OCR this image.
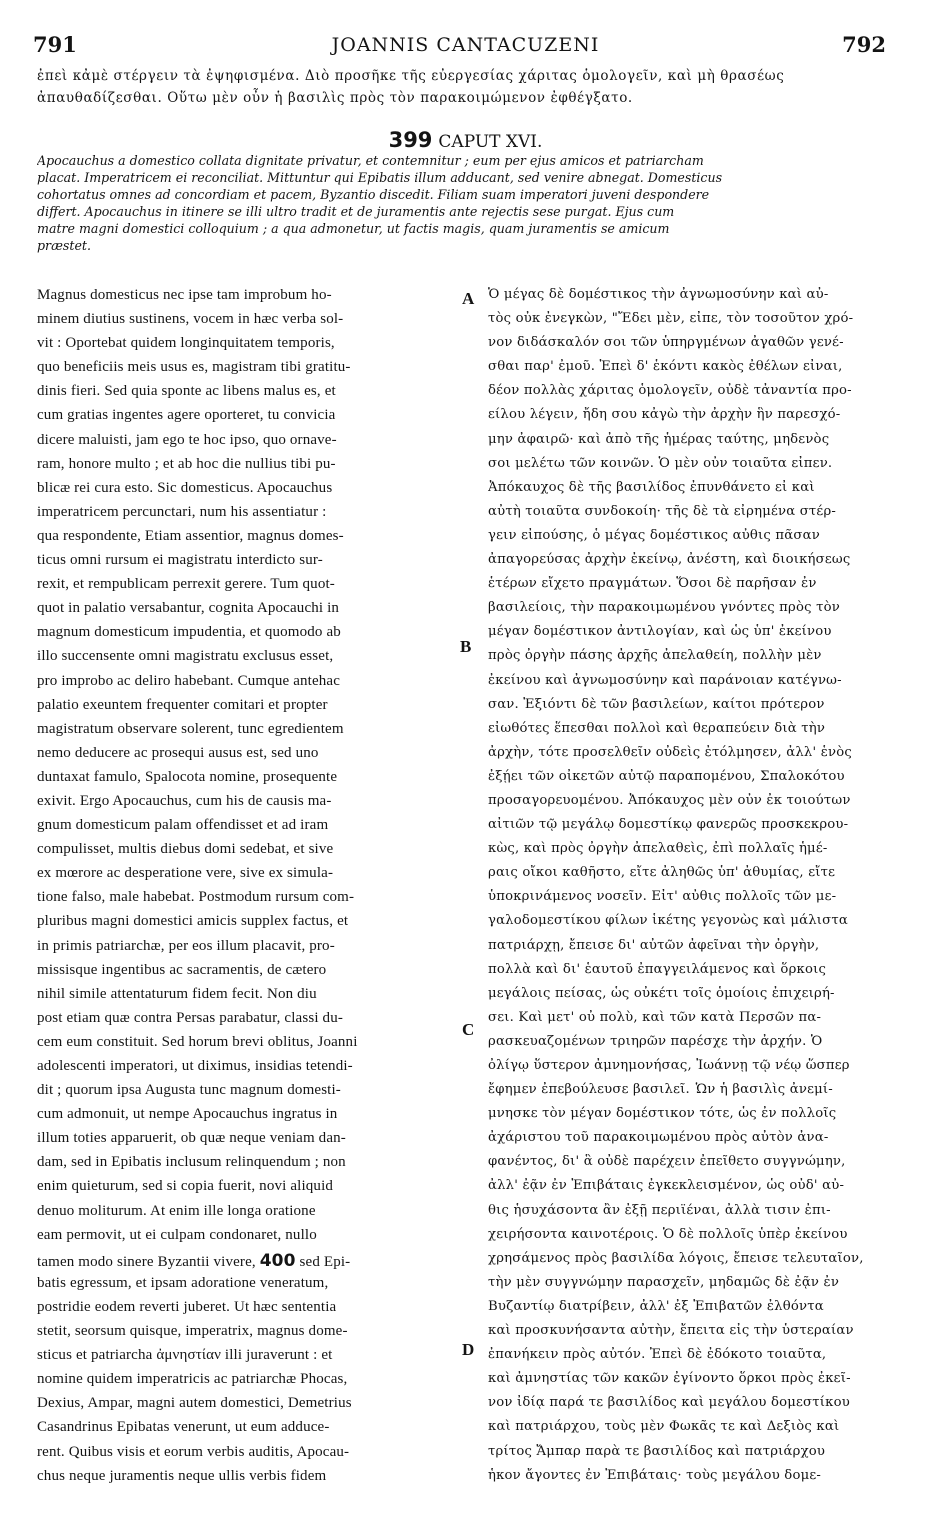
791	JOANNIS CANTACUZENI	792
ἐπεὶ κἀμὲ στέργειν τὰ ἐψηφισμένα. Διὸ προσῆκε τῆς εὐεργεσίας χάριτας ὁμολογεῖν, καὶ μὴ θρασέως
ἀπαυθαδίζεσθαι. Οὕτω μὲν οὖν ἡ βασιλὶς πρὸς τὸν παρακοιμώμενον ἐφθέγξατο.
399 CAPUT XVI.
Apocauchus a domestico collata dignitate privatur, et contemnitur ; eum per ejus amicos et patriarcham
placat. Imperatricem ei reconciliat. Mittuntur qui Epibatis illum adducant, sed venire abnegat. Domesticus
cohortatus omnes ad concordiam et pacem, Byzantio discedit. Filiam suam imperatori juveni despondere
differt. Apocauchus in itinere se illi ultro tradit et de juramentis ante rejectis sese purgat. Ejus cum
matre magni domestici colloquium ; a qua admonetur, ut factis magis, quam juramentis se amicum
præstet.
Magnus domesticus nec ipse tam improbum ho-
minem diutius sustinens, vocem in hæc verba sol-
vit : Oportebat quidem longinquitatem temporis,
quo beneficiis meis usus es, magistram tibi gratitu-
dinis fieri. Sed quia sponte ac libens malus es, et
cum gratias ingentes agere oporteret, tu convicia
dicere maluisti, jam ego te hoc ipso, quo ornave-
ram, honore multo ; et ab hoc die nullius tibi pu-
blicæ rei cura esto. Sic domesticus. Apocauchus
imperatricem percunctari, num his assentiatur :
qua respondente, Etiam assentior, magnus domes-
ticus omni rursum ei magistratu interdicto sur-
rexit, et rempublicam perrexit gerere. Tum quot-
quot in palatio versabantur, cognita Apocauchi in
magnum domesticum impudentia, et quomodo ab
illo succensente omni magistratu exclusus esset,
pro improbo ac deliro habebant. Cumque antehac
palatio exeuntem frequenter comitari et propter
magistratum observare solerent, tunc egredientem
nemo deducere ac prosequi ausus est, sed uno
duntaxat famulo, Spalocota nomine, prosequente
exivit. Ergo Apocauchus, cum his de causis ma-
gnum domesticum palam offendisset et ad iram
compulisset, multis diebus domi sedebat, et sive
ex mœrore ac desperatione vere, sive ex simula-
tione falso, male habebat. Postmodum rursum com-
pluribus magni domestici amicis supplex factus, et
in primis patriarchæ, per eos illum placavit, pro-
missisque ingentibus ac sacramentis, de cætero
nihil simile attentaturum fidem fecit. Non diu
post etiam quæ contra Persas parabatur, classi du-
cem eum constituit. Sed horum brevi oblitus, Joanni
adolescenti imperatori, ut diximus, insidias tetendi-
dit ; quorum ipsa Augusta tunc magnum domesti-
cum admonuit, ut nempe Apocauchus ingratus in
illum toties apparuerit, ob quæ neque veniam dan-
dam, sed in Epibatis inclusum relinquendum ; non
enim quieturum, sed si copia fuerit, novi aliquid
denuo moliturum. At enim ille longa oratione
eam permovit, ut ei culpam condonaret, nullo
tamen modo sinere Byzantii vivere, 400 sed Epi-
batis egressum, et ipsam adoratione veneratum,
postridie eodem reverti juberet. Ut hæc sententia
stetit, seorsum quisque, imperatrix, magnus dome-
sticus et patriarcha ἀμνηστίαν illi juraverunt : et
nomine quidem imperatricis ac patriarchæ Phocas,
Dexius, Ampar, magni autem domestici, Demetrius
Casandrinus Epibatas venerunt, ut eum adduce-
rent. Quibus visis et eorum verbis auditis, Apocau-
chus neque juramentis neque ullis verbis fidem
Ὁ μέγας δὲ δομέστικος τὴν ἀγνωμοσύνην καὶ αὐ-
τὸς οὐκ ἐνεγκὼν, "Ἔδει μὲν, εἶπε, τὸν τοσοῦτον χρό-
νον διδάσκαλόν σοι τῶν ὑπηργμένων ἀγαθῶν γενέ-
σθαι παρ' ἐμοῦ. Ἐπεὶ δ' ἑκόντι κακὸς ἐθέλων εἶναι,
δέον πολλὰς χάριτας ὁμολογεῖν, οὐδὲ τἀναντία προ-
είλου λέγειν, ἤδη σου κἀγὼ τὴν ἀρχὴν ἣν παρεσχό-
μην ἀφαιρῶ· καὶ ἀπὸ τῆς ἡμέρας ταύτης, μηδενὸς
σοι μελέτω τῶν κοινῶν. Ὁ μὲν οὖν τοιαῦτα εἶπεν.
Ἀπόκαυχος δὲ τῆς βασιλίδος ἐπυνθάνετο εἰ καὶ
αὐτὴ τοιαῦτα συνδοκοίη· τῆς δὲ τὰ εἰρημένα στέρ-
γειν εἰπούσης, ὁ μέγας δομέστικος αὖθις πᾶσαν
ἀπαγορεύσας ἀρχὴν ἐκείνῳ, ἀνέστη, καὶ διοικήσεως
ἑτέρων εἴχετο πραγμάτων. Ὅσοι δὲ παρῆσαν ἐν
βασιλείοις, τὴν παρακοιμωμένου γνόντες πρὸς τὸν
μέγαν δομέστικον ἀντιλογίαν, καὶ ὡς ὑπ' ἐκείνου
πρὸς ὀργὴν πάσης ἀρχῆς ἀπελαθείη, πολλὴν μὲν
ἐκείνου καὶ ἀγνωμοσύνην καὶ παράνοιαν κατέγνω-
σαν. Ἐξιόντι δὲ τῶν βασιλείων, καίτοι πρότερον
εἰωθότες ἕπεσθαι πολλοὶ καὶ θεραπεύειν διὰ τὴν
ἀρχὴν, τότε προσελθεῖν οὐδεὶς ἐτόλμησεν, ἀλλ' ἑνὸς
ἐξῄει τῶν οἰκετῶν αὐτῷ παραπομένου, Σπαλοκότου
προσαγορευομένου. Ἀπόκαυχος μὲν οὖν ἐκ τοιούτων
αἰτιῶν τῷ μεγάλῳ δομεστίκῳ φανερῶς προσκεκρου-
κὼς, καὶ πρὸς ὀργὴν ἀπελαθεὶς, ἐπὶ πολλαῖς ἡμέ-
ραις οἴκοι καθῆστο, εἴτε ἀληθῶς ὑπ' ἀθυμίας, εἴτε
ὑποκρινάμενος νοσεῖν. Εἶτ' αὖθις πολλοῖς τῶν με-
γαλοδομεστίκου φίλων ἱκέτης γεγονὼς καὶ μάλιστα
πατριάρχῃ, ἔπεισε δι' αὐτῶν ἀφεῖναι τὴν ὀργὴν,
πολλὰ καὶ δι' ἑαυτοῦ ἐπαγγειλάμενος καὶ ὅρκοις
μεγάλοις πείσας, ὡς οὐκέτι τοῖς ὁμοίοις ἐπιχειρή-
σει. Καὶ μετ' οὐ πολὺ, καὶ τῶν κατὰ Περσῶν πα-
ρασκευαζομένων τριηρῶν παρέσχε τὴν ἀρχήν. Ὁ
ὀλίγῳ ὕστερον ἀμνημονήσας, Ἰωάννῃ τῷ νέῳ ὥσπερ
ἔφημεν ἐπεβούλευσε βασιλεῖ. Ὧν ἡ βασιλὶς ἀνεμί-
μνησκε τὸν μέγαν δομέστικον τότε, ὡς ἐν πολλοῖς
ἀχάριστου τοῦ παρακοιμωμένου πρὸς αὐτὸν ἀνα-
φανέντος, δι' ἃ οὐδὲ παρέχειν ἐπεῖθετο συγγνώμην,
ἀλλ' ἐᾷν ἐν Ἐπιβάταις ἐγκεκλεισμένον, ὡς οὐδ' αὖ-
θις ἡσυχάσοντα ἂν ἐξῇ περιϊέναι, ἀλλὰ τισιν ἐπι-
χειρήσοντα καινοτέροις. Ὁ δὲ πολλοῖς ὑπὲρ ἐκείνου
χρησάμενος πρὸς βασιλίδα λόγοις, ἔπεισε τελευταῖον,
τὴν μὲν συγγνώμην παρασχεῖν, μηδαμῶς δὲ ἐᾷν ἐν
Βυζαντίῳ διατρίβειν, ἀλλ' ἐξ Ἐπιβατῶν ἐλθόντα
καὶ προσκυνήσαντα αὐτὴν, ἔπειτα εἰς τὴν ὑστεραίαν
ἐπανήκειν πρὸς αὐτόν. Ἐπεὶ δὲ ἐδόκοτο τοιαῦτα,
καὶ ἀμνηστίας τῶν κακῶν ἐγίνοντο ὅρκοι πρὸς ἐκεῖ-
νον ἰδίᾳ παρά τε βασιλίδος καὶ μεγάλου δομεστίκου
καὶ πατριάρχου, τοὺς μὲν Φωκᾶς τε καὶ Δεξιὸς καὶ
τρίτος Ἄμπαρ παρὰ τε βασιλίδος καὶ πατριάρχου
ἧκον ἄγοντες ἐν Ἐπιβάταις· τοὺς μεγάλου δομε-
A
B
C
D
